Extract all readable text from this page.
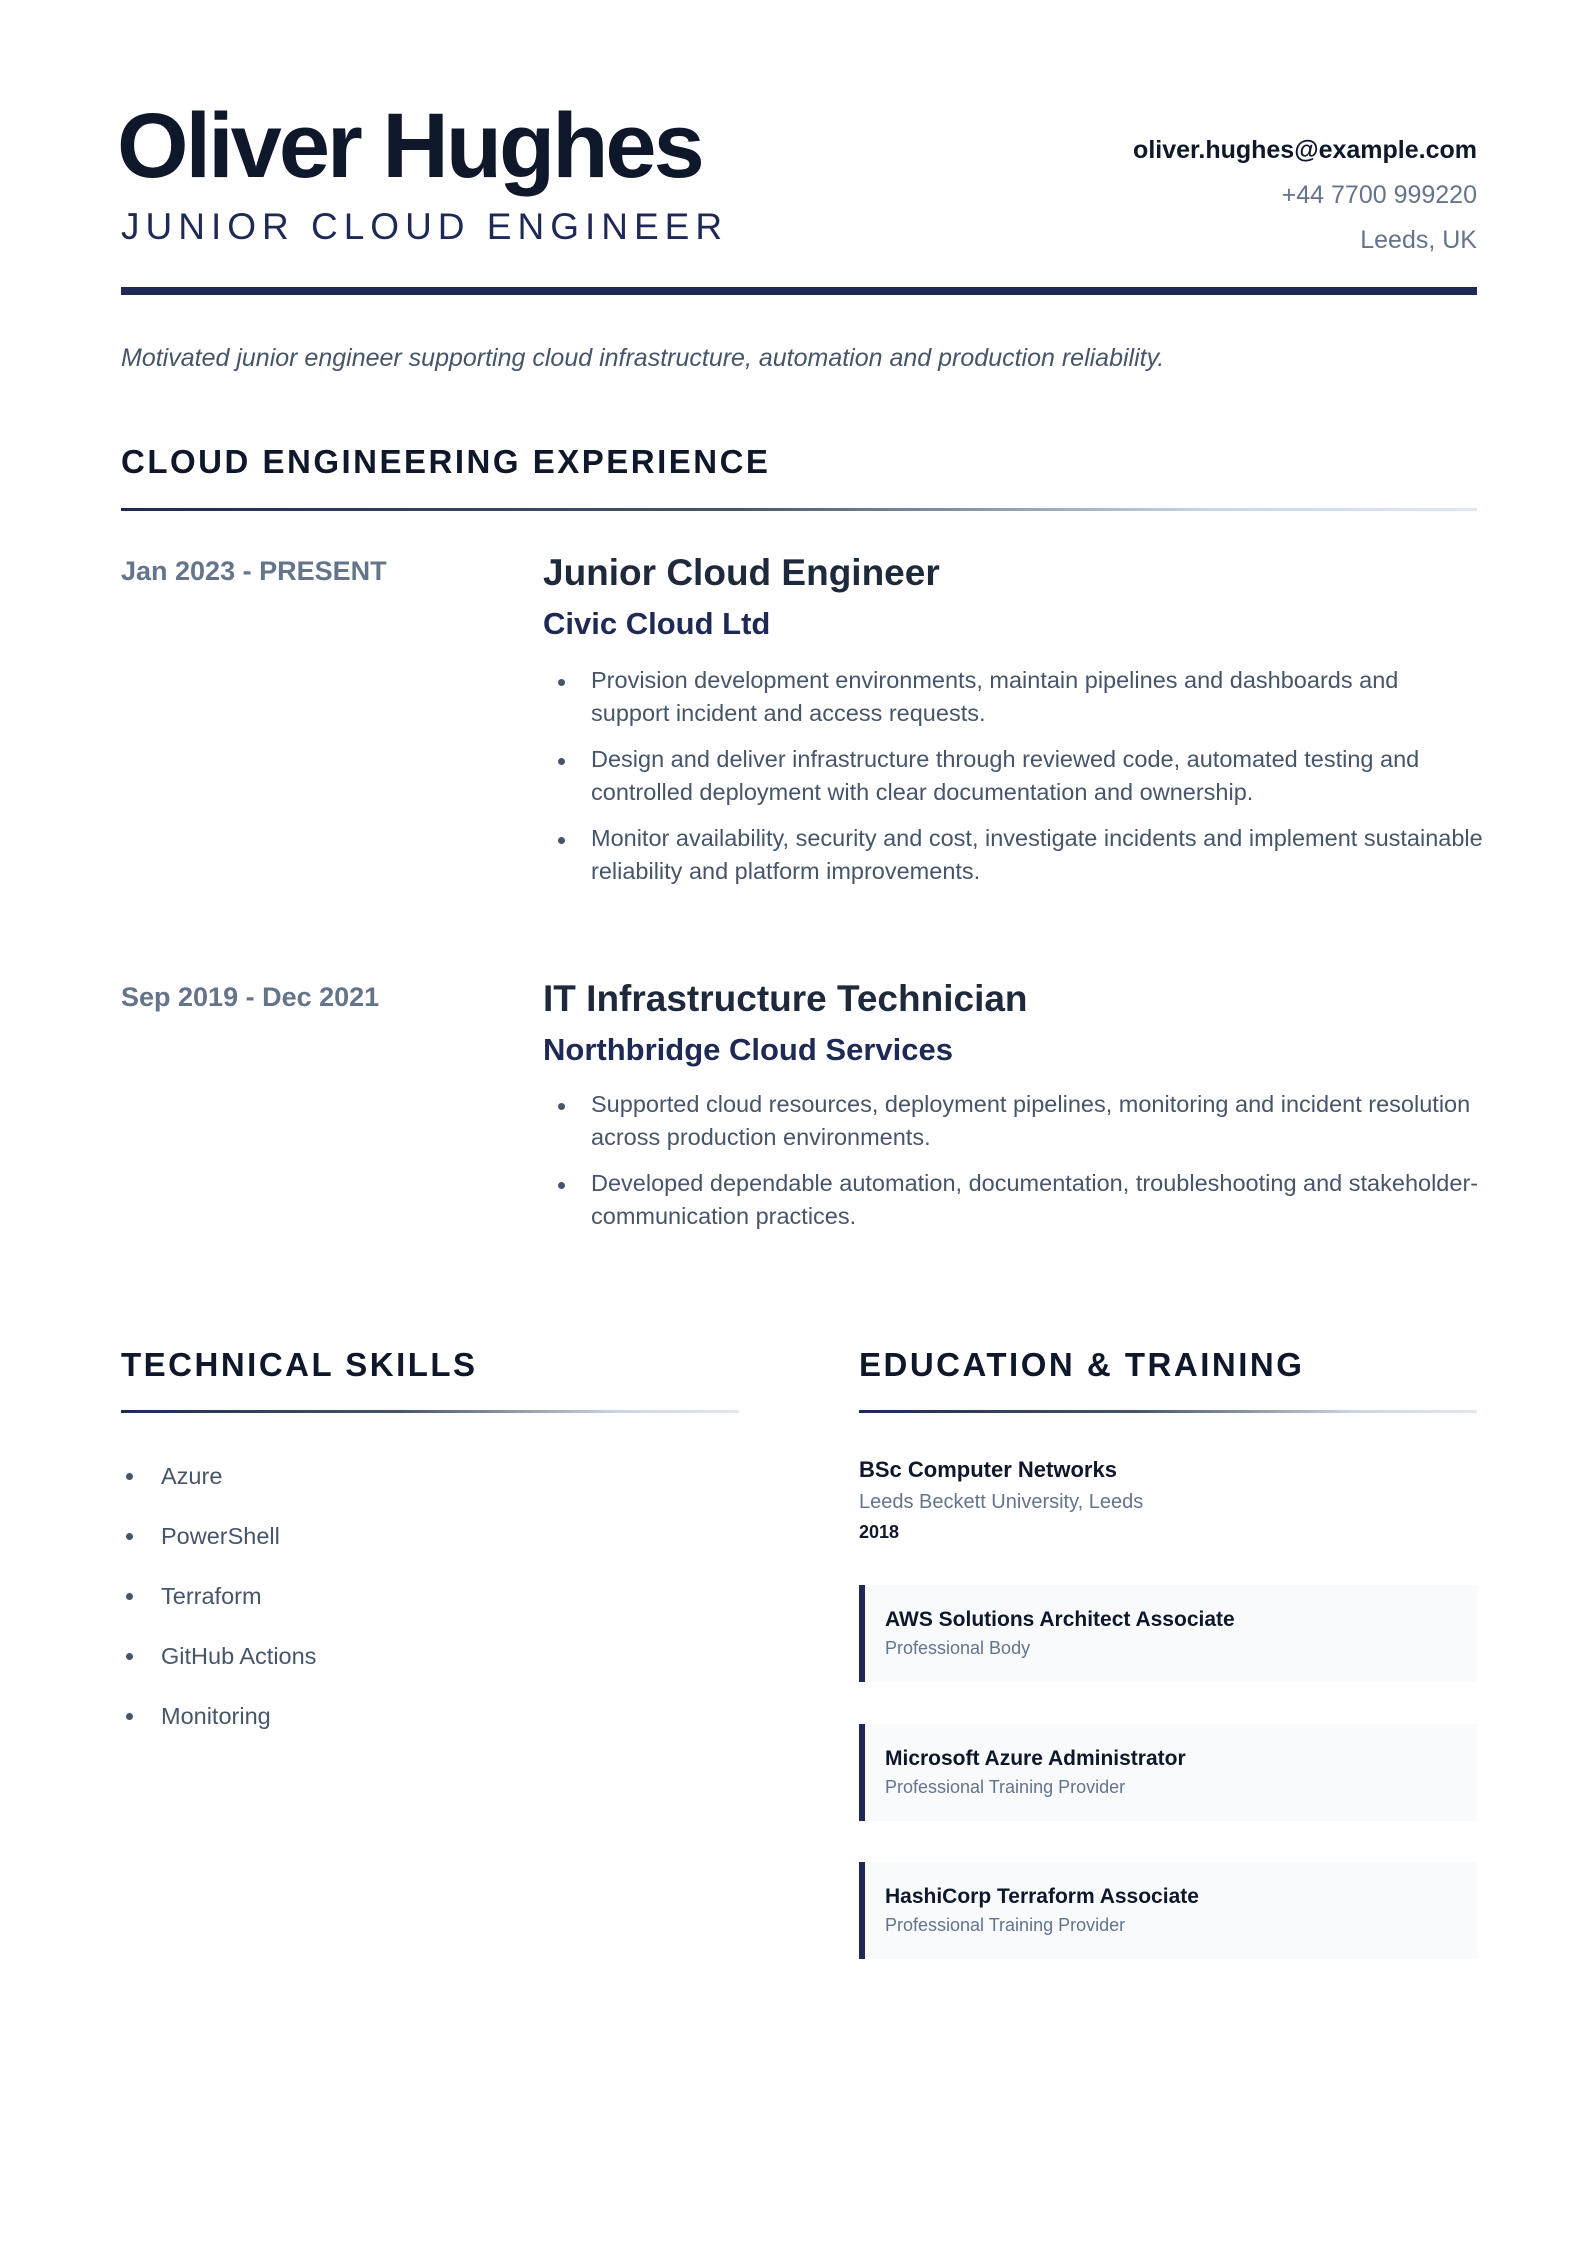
Oliver Hughes
JUNIOR CLOUD ENGINEER
oliver.hughes@example.com
+44 7700 999220
Leeds, UK
Motivated junior engineer supporting cloud infrastructure, automation and production reliability.
CLOUD ENGINEERING EXPERIENCE
Jan 2023 - PRESENT	Junior Cloud Engineer
Civic Cloud Ltd
Provision development environments, maintain pipelines and dashboards and support incident and access requests.
Design and deliver infrastructure through reviewed code, automated testing and controlled deployment with clear documentation and ownership.
Monitor availability, security and cost, investigate incidents and implement sustainable reliability and platform improvements.
Sep 2019 - Dec 2021	IT Infrastructure Technician
Northbridge Cloud Services
Supported cloud resources, deployment pipelines, monitoring and incident resolution across production environments.
Developed dependable automation, documentation, troubleshooting and stakeholder-communication practices.
TECHNICAL SKILLS
Azure
PowerShell
Terraform
GitHub Actions
Monitoring
EDUCATION & TRAINING
BSc Computer Networks
Leeds Beckett University, Leeds
2018
AWS Solutions Architect Associate
Professional Body
Microsoft Azure Administrator
Professional Training Provider
HashiCorp Terraform Associate
Professional Training Provider
